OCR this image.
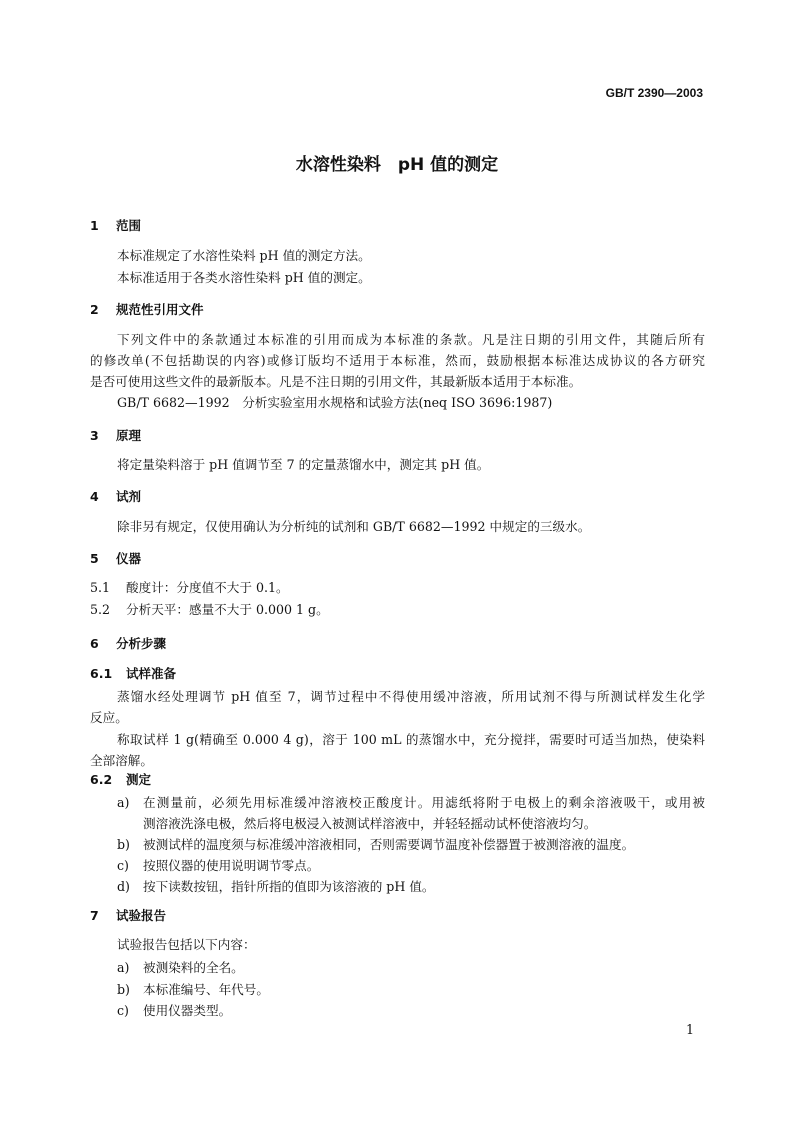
GB/T 2390—2003
水溶性染料　pH 值的测定
1 范围
本标准规定了水溶性染料 pH 值的测定方法。
本标准适用于各类水溶性染料 pH 值的测定。
2 规范性引用文件
下列文件中的条款通过本标准的引用而成为本标准的条款。凡是注日期的引用文件，其随后所有
的修改单(不包括勘误的内容)或修订版均不适用于本标准，然而，鼓励根据本标准达成协议的各方研究
是否可使用这些文件的最新版本。凡是不注日期的引用文件，其最新版本适用于本标准。
GB/T 6682—1992　分析实验室用水规格和试验方法(neq ISO 3696:1987)
3 原理
将定量染料溶于 pH 值调节至 7 的定量蒸馏水中，测定其 pH 值。
4 试剂
除非另有规定，仅使用确认为分析纯的试剂和 GB/T 6682—1992 中规定的三级水。
5 仪器
5.1 酸度计：分度值不大于 0.1。
5.2 分析天平：感量不大于 0.000 1 g。
6 分析步骤
6.1 试样准备
蒸馏水经处理调节 pH 值至 7，调节过程中不得使用缓冲溶液，所用试剂不得与所测试样发生化学
反应。
称取试样 1 g(精确至 0.000 4 g)，溶于 100 mL 的蒸馏水中，充分搅拌，需要时可适当加热，使染料
全部溶解。
6.2 测定
a) 在测量前，必须先用标准缓冲溶液校正酸度计。用滤纸将附于电极上的剩余溶液吸干，或用被
测溶液洗涤电极，然后将电极浸入被测试样溶液中，并轻轻摇动试杯使溶液均匀。
b) 被测试样的温度须与标准缓冲溶液相同，否则需要调节温度补偿器置于被测溶液的温度。
c) 按照仪器的使用说明调节零点。
d) 按下读数按钮，指针所指的值即为该溶液的 pH 值。
7 试验报告
试验报告包括以下内容：
a) 被测染料的全名。
b) 本标准编号、年代号。
c) 使用仪器类型。
1
